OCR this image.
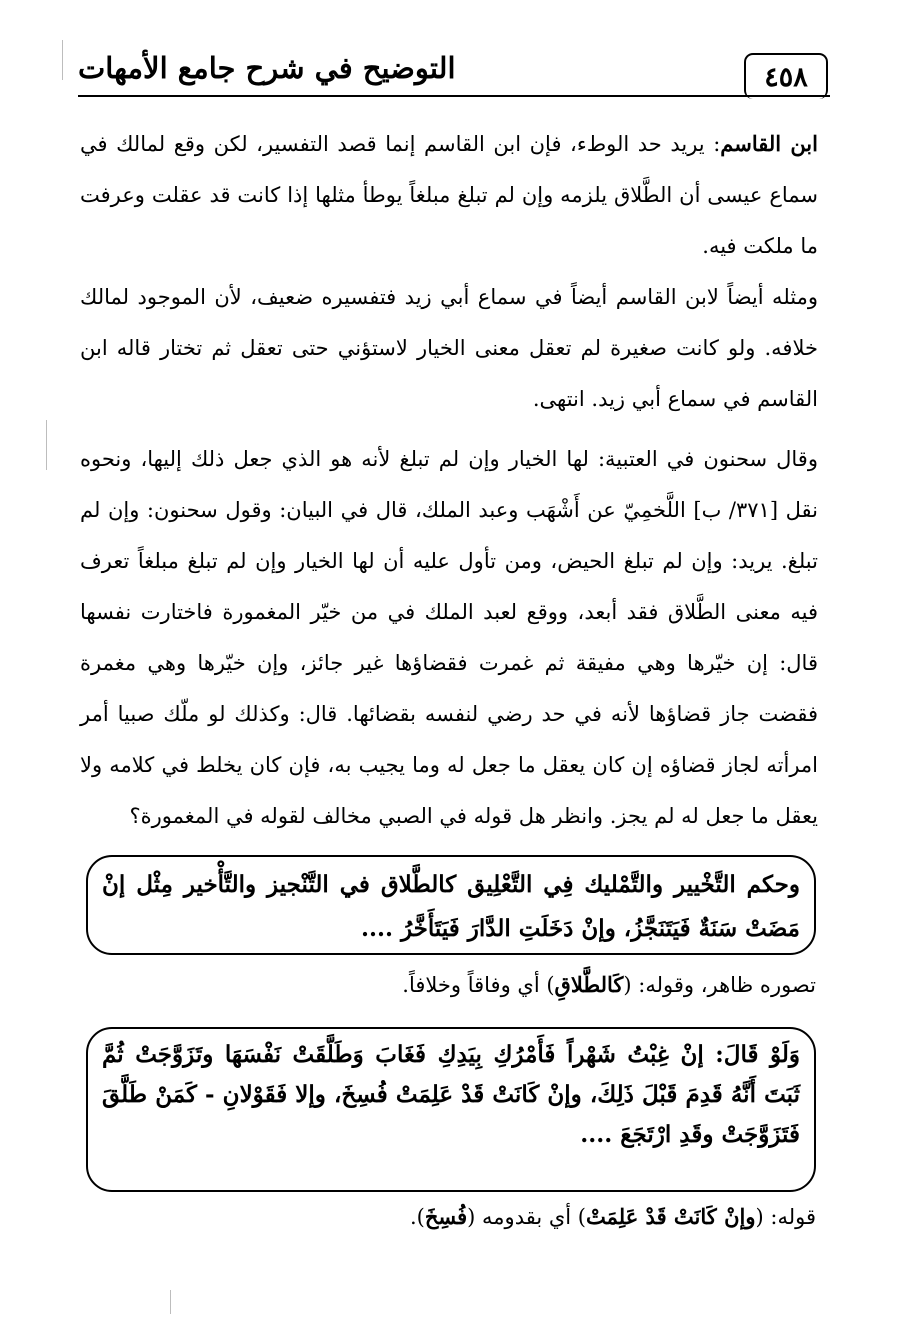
التوضيح في شرح جامع الأمهات	٤٥٨

ابن القاسم: يريد حد الوطء، فإن ابن القاسم إنما قصد التفسير، لكن وقع لمالك في سماع عيسى أن الطَّلاق يلزمه وإن لم تبلغ مبلغاً يوطأ مثلها إذا كانت قد عقلت وعرفت ما ملكت فيه.

ومثله أيضاً لابن القاسم أيضاً في سماع أبي زيد فتفسيره ضعيف، لأن الموجود لمالك خلافه. ولو كانت صغيرة لم تعقل معنى الخيار لاستؤني حتى تعقل ثم تختار قاله ابن القاسم في سماع أبي زيد. انتهى.

وقال سحنون في العتبية: لها الخيار وإن لم تبلغ لأنه هو الذي جعل ذلك إليها، ونحوه نقل [٣٧١/ ب] اللَّخمِيّ عن أَشْهَب وعبد الملك، قال في البيان: وقول سحنون: وإن لم تبلغ. يريد: وإن لم تبلغ الحيض، ومن تأول عليه أن لها الخيار وإن لم تبلغ مبلغاً تعرف فيه معنى الطَّلاق فقد أبعد، ووقع لعبد الملك في من خيّر المغمورة فاختارت نفسها قال: إن خيّرها وهي مفيقة ثم غمرت فقضاؤها غير جائز، وإن خيّرها وهي مغمرة فقضت جاز قضاؤها لأنه في حد رضي لنفسه بقضائها. قال: وكذلك لو ملّك صبيا أمر امرأته لجاز قضاؤه إن كان يعقل ما جعل له وما يجيب به، فإن كان يخلط في كلامه ولا يعقل ما جعل له لم يجز. وانظر هل قوله في الصبي مخالف لقوله في المغمورة؟

وحكم التَّخْيير والتَّمْليك فِي التَّعْلِيق كالطَّلاق في التَّنْجيز والتَّأْخير مِثْل إنْ مَضَتْ سَنَةٌ فَيَتَنَجَّزُ، وإنْ دَخَلَتِ الدَّارَ فَيَتَأَخَّرُ ....
تصوره ظاهر، وقوله: (كَالطَّلاقِ) أي وفاقاً وخلافاً.
وَلَوْ قَالَ: إنْ غِبْتُ شَهْراً فَأَمْرُكِ بِيَدِكِ فَغَابَ وَطَلَّقَتْ نَفْسَهَا وتَزَوَّجَتْ ثُمَّ ثَبَتَ أَنَّهُ قَدِمَ قَبْلَ ذَلِكَ، وإنْ كَانَتْ قَدْ عَلِمَتْ فُسِخَ، وإلا فَقَوْلانِ - كَمَنْ طَلَّقَ فَتَزَوَّجَتْ وقَدِ ارْتَجَعَ ....
قوله: (وإنْ كَانَتْ قَدْ عَلِمَتْ) أي بقدومه (فُسِخَ).
